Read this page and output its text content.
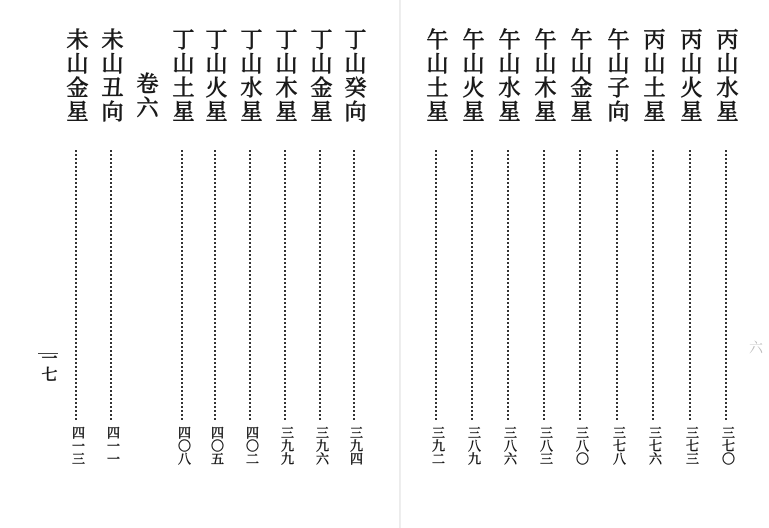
未山金星
四一三
未山丑向
四一一
卷六 丁山土星
四〇八
丁山火星
四〇五
丁山水星
四〇二
丁山木星
三九九
丁山金星
三九六
丁山癸向
三九四
一七
午山土星
三九二
午山火星
三八九
午山水星
三八六
午山木星
三八三
午山金星
三八〇
午山子向
三七八
丙山土星
三七六
丙山火星
三七三
丙山水星
三七〇
六
